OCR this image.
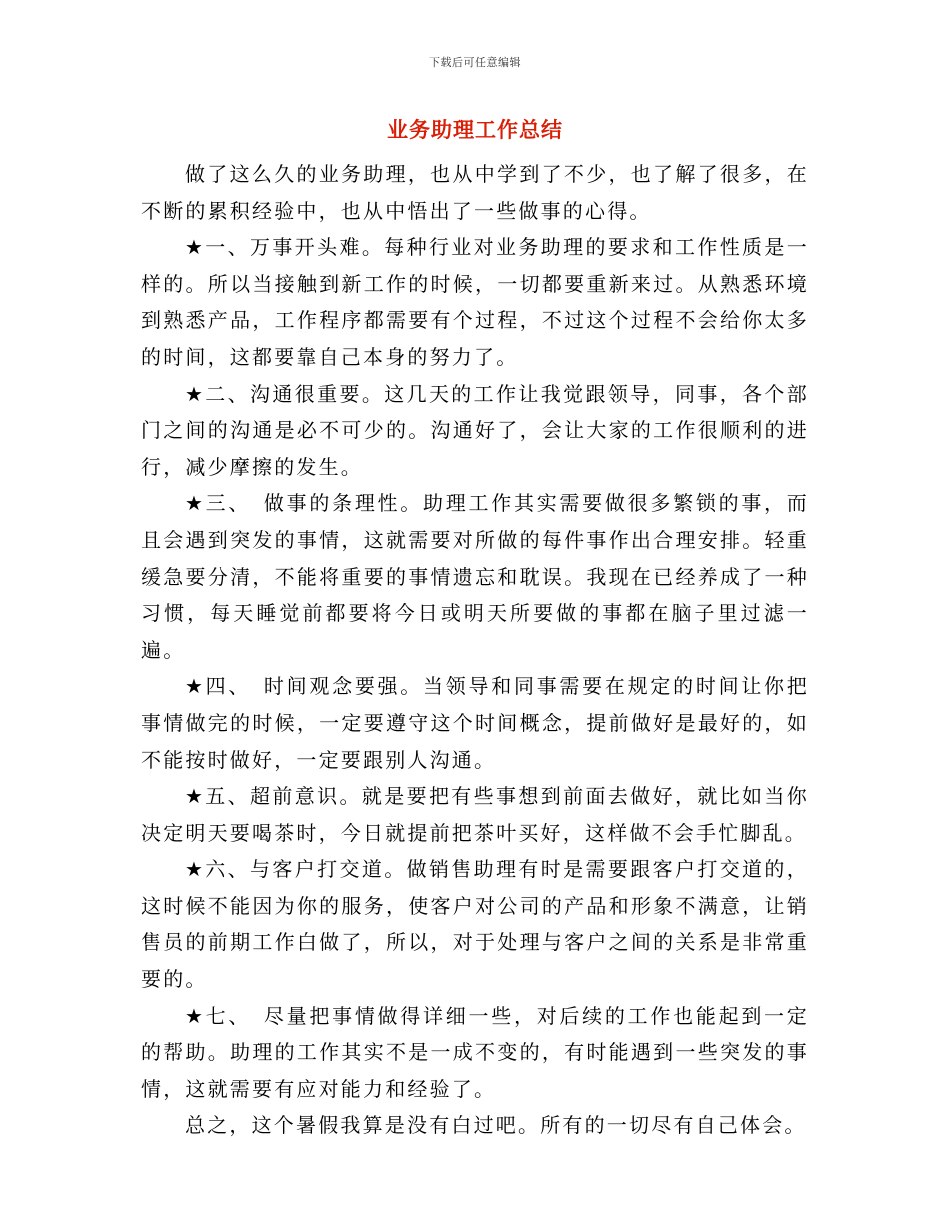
下载后可任意编辑
业务助理工作总结

做了这么久的业务助理，也从中学到了不少，也了解了很多，在不断的累积经验中，也从中悟出了一些做事的心得。

★一、万事开头难。每种行业对业务助理的要求和工作性质是一样的。所以当接触到新工作的时候，一切都要重新来过。从熟悉环境到熟悉产品，工作程序都需要有个过程，不过这个过程不会给你太多的时间，这都要靠自己本身的努力了。

★二、沟通很重要。这几天的工作让我觉跟领导，同事，各个部门之间的沟通是必不可少的。沟通好了，会让大家的工作很顺利的进行，减少摩擦的发生。

★三、　做事的条理性。助理工作其实需要做很多繁锁的事，而且会遇到突发的事情，这就需要对所做的每件事作出合理安排。轻重缓急要分清，不能将重要的事情遗忘和耽误。我现在已经养成了一种习惯，每天睡觉前都要将今日或明天所要做的事都在脑子里过滤一遍。

★四、　时间观念要强。当领导和同事需要在规定的时间让你把事情做完的时候，一定要遵守这个时间概念，提前做好是最好的，如不能按时做好，一定要跟别人沟通。

★五、超前意识。就是要把有些事想到前面去做好，就比如当你决定明天要喝茶时，今日就提前把茶叶买好，这样做不会手忙脚乱。

★六、与客户打交道。做销售助理有时是需要跟客户打交道的，这时候不能因为你的服务，使客户对公司的产品和形象不满意，让销售员的前期工作白做了，所以，对于处理与客户之间的关系是非常重要的。

★七、　尽量把事情做得详细一些，对后续的工作也能起到一定的帮助。助理的工作其实不是一成不变的，有时能遇到一些突发的事情，这就需要有应对能力和经验了。

总之，这个暑假我算是没有白过吧。所有的一切尽有自己体会。
